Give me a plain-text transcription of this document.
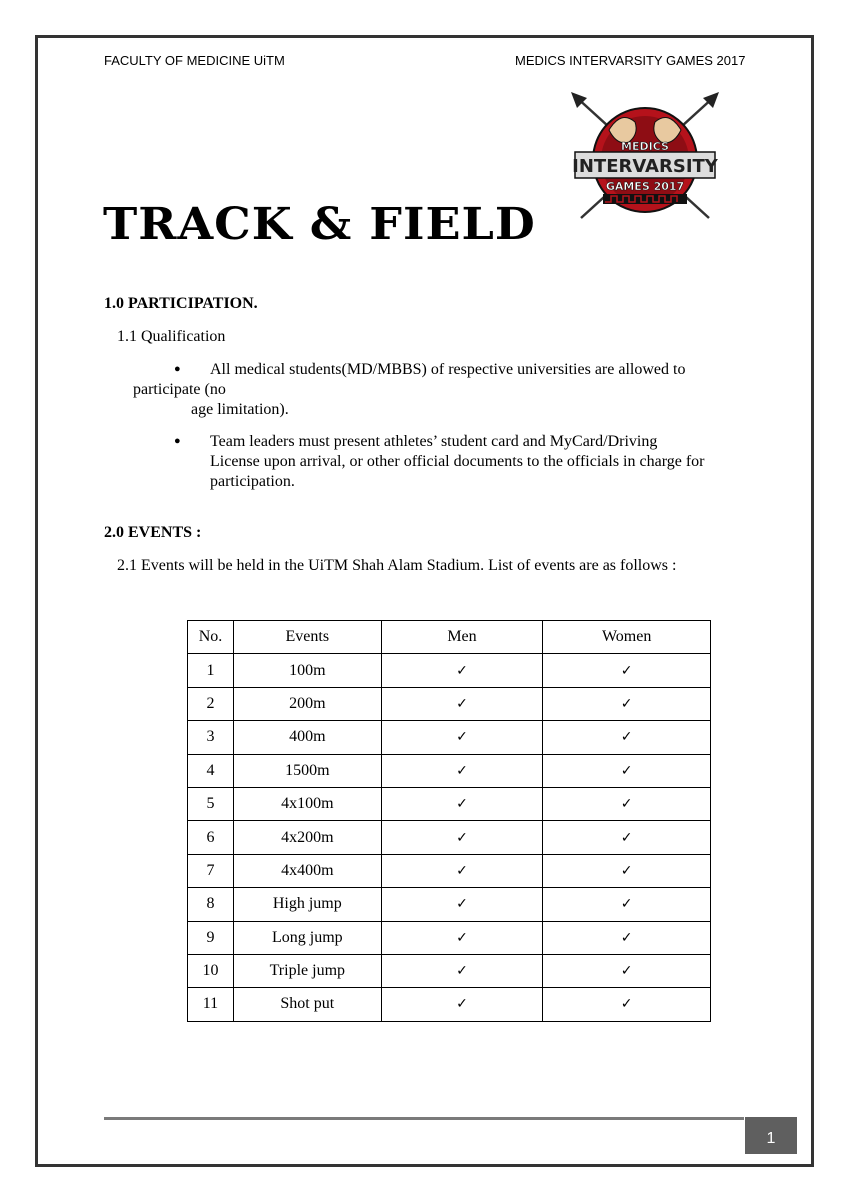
FACULTY OF MEDICINE UiTM	MEDICS INTERVARSITY GAMES 2017
MEDICS
INTERVARSITY
GAMES 2017
TRACK & FIELD
1.0 PARTICIPATION.
1.1 Qualification
● All medical students(MD/MBBS) of respective universities are allowed to
participate (no
age limitation).
● Team leaders must present athletes’ student card and MyCard/Driving
License upon arrival, or other official documents to the officials in charge for
participation.
2.0 EVENTS :
2.1 Events will be held in the UiTM Shah Alam Stadium. List of events are as follows :
No.	Events	Men	Women
1	100m	✓	✓
2	200m	✓	✓
3	400m	✓	✓
4	1500m	✓	✓
5	4x100m	✓	✓
6	4x200m	✓	✓
7	4x400m	✓	✓
8	High jump	✓	✓
9	Long jump	✓	✓
10	Triple jump	✓	✓
11	Shot put	✓	✓
1
